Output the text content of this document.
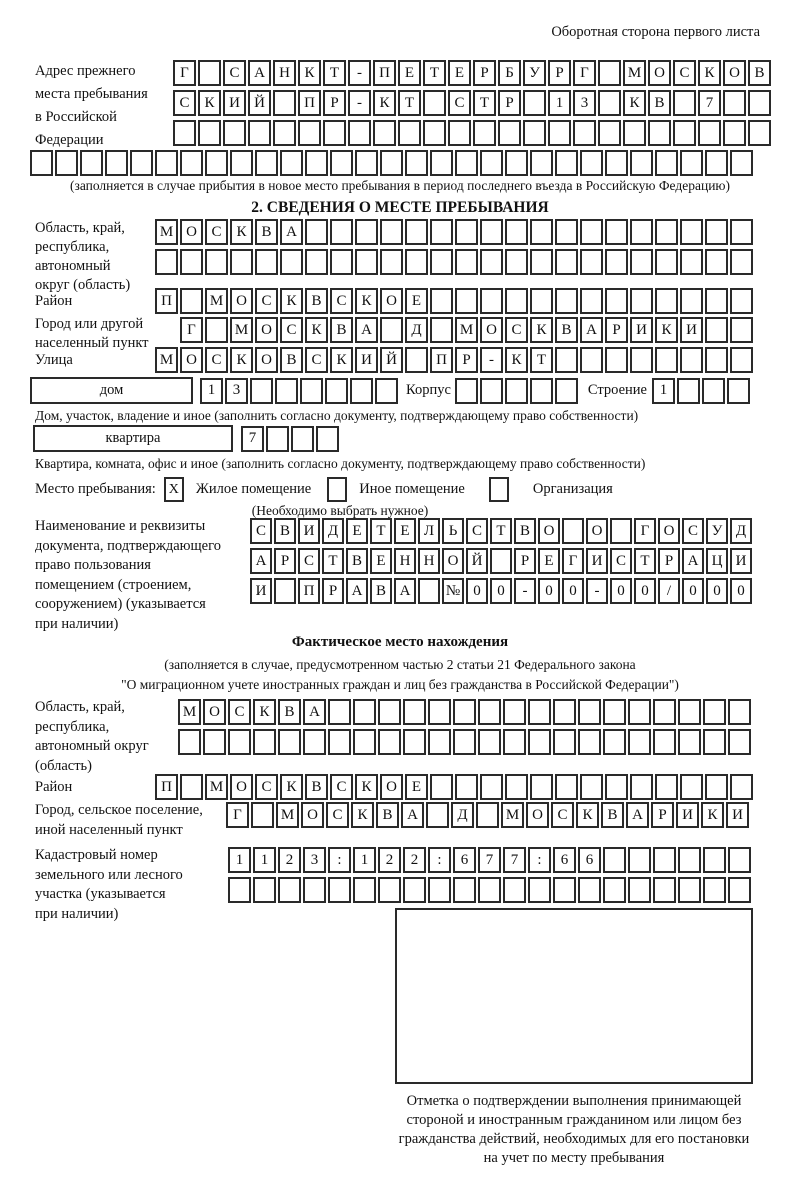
Оборотная сторона первого листа
Адрес прежнего
места пребывания
в Российской
Федерации
Г	С А Н К	Т	-	П Е	Т	Е	Р	Б	У	Р	Г	М О С К О В
С К И Й	П	Р	-	К	Т	С	Т	Р	1	3	К В	7
(заполняется в случае прибытия в новое место пребывания в период последнего въезда в Российскую Федерацию)
2. СВЕДЕНИЯ О МЕСТЕ ПРЕБЫВАНИЯ
Область, край,
республика,
автономный
округ (область)
М О С К В А
Район	П	М О С К В С К О Е
Город или другой
населенный пункт
Г	М О С К В А	Д	М О С К В А	Р	И К И
Улица	М О С К О В С К И Й	П	Р	-	К	Т
дом	1	3	Корпус	Строение 1
Дом, участок, владение и иное (заполнить согласно документу, подтверждающему право собственности)
квартира	7
Квартира, комната, офис и иное (заполнить согласно документу, подтверждающему право собственности)
Место пребывания: X	Жилое помещение	Иное помещение	Организация
(Необходимо выбрать нужное)
Наименование и реквизиты
документа, подтверждающего
право пользования
помещением (строением,
сооружением) (указывается
при наличии)
С В И Д Е Т Е Л Ь С Т В О	О	Г О С У Д
А Р С Т В Е Н Н О Й	Р	Е	Г И С Т	Р А Ц И
И	П Р А В А	№ 0	0	-	0	0	-	0	0	/	0	0	0
Фактическое место нахождения
(заполняется в случае, предусмотренном частью 2 статьи 21 Федерального закона
"О миграционном учете иностранных граждан и лиц без гражданства в Российской Федерации")
Область, край,
республика,
автономный округ
(область)
М О С К В А
Район	П	М О С К В С К О Е
Город, сельское поселение,
иной населенный пункт
Г	М О С К В А	Д	М О С К В А	Р	И К И
Кадастровый номер
земельного или лесного
участка (указывается
при наличии)
1	1	2	3	:	1	2	2	:	6	7	7	:	6	6
Отметка о подтверждении выполнения принимающей
стороной и иностранным гражданином или лицом без
гражданства действий, необходимых для его постановки
на учет по месту пребывания
